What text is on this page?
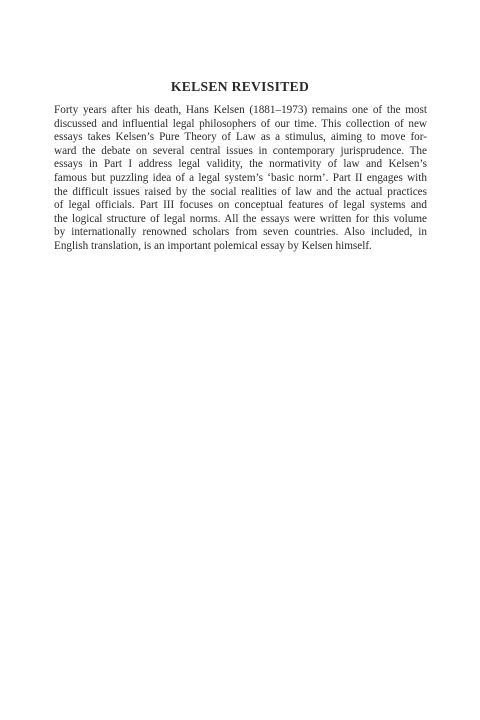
KELSEN REVISITED

Forty years after his death, Hans Kelsen (1881–1973) remains one of the most
discussed and influential legal philosophers of our time. This collection of new
essays takes Kelsen’s Pure Theory of Law as a stimulus, aiming to move for-
ward the debate on several central issues in contemporary jurisprudence. The
essays in Part I address legal validity, the normativity of law and Kelsen’s
famous but puzzling idea of a legal system’s ‘basic norm’. Part II engages with
the difficult issues raised by the social realities of law and the actual practices
of legal officials. Part III focuses on conceptual features of legal systems and
the logical structure of legal norms. All the essays were written for this volume
by internationally renowned scholars from seven countries. Also included, in
English translation, is an important polemical essay by Kelsen himself.
